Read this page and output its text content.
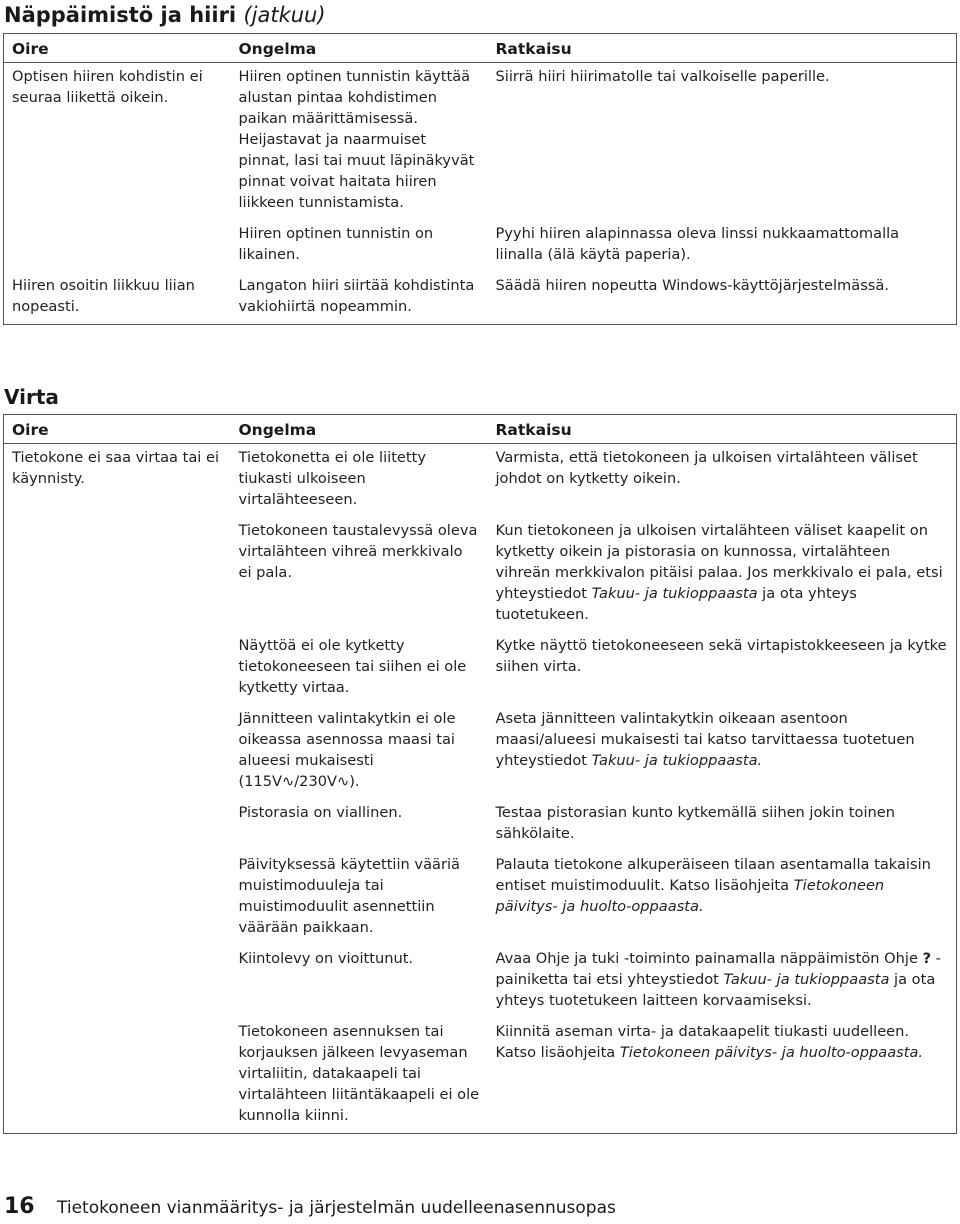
Näppäimistö ja hiiri (jatkuu)
Oire	Ongelma	Ratkaisu
Optisen hiiren kohdistin ei seuraa liikettä oikein.	Hiiren optinen tunnistin käyttää alustan pintaa kohdistimen paikan määrittämisessä. Heijastavat ja naarmuiset pinnat, lasi tai muut läpinäkyvät pinnat voivat haitata hiiren liikkeen tunnistamista.	Siirrä hiiri hiirimatolle tai valkoiselle paperille.
	Hiiren optinen tunnistin on likainen.	Pyyhi hiiren alapinnassa oleva linssi nukkaamattomalla liinalla (älä käytä paperia).
Hiiren osoitin liikkuu liian nopeasti.	Langaton hiiri siirtää kohdistinta vakiohiirtä nopeammin.	Säädä hiiren nopeutta Windows-käyttöjärjestelmässä.
Virta
Oire	Ongelma	Ratkaisu
Tietokone ei saa virtaa tai ei käynnisty.	Tietokonetta ei ole liitetty tiukasti ulkoiseen virtalähteeseen.	Varmista, että tietokoneen ja ulkoisen virtalähteen väliset johdot on kytketty oikein.
	Tietokoneen taustalevyssä oleva virtalähteen vihreä merkkivalo ei pala.	Kun tietokoneen ja ulkoisen virtalähteen väliset kaapelit on kytketty oikein ja pistorasia on kunnossa, virtalähteen vihreän merkkivalon pitäisi palaa. Jos merkkivalo ei pala, etsi yhteystiedot Takuu- ja tukioppaasta ja ota yhteys tuotetukeen.
	Näyttöä ei ole kytketty tietokoneeseen tai siihen ei ole kytketty virtaa.	Kytke näyttö tietokoneeseen sekä virtapistokkeeseen ja kytke siihen virta.
	Jännitteen valintakytkin ei ole oikeassa asennossa maasi tai alueesi mukaisesti (115V∿/230V∿).	Aseta jännitteen valintakytkin oikeaan asentoon maasi/alueesi mukaisesti tai katso tarvittaessa tuotetuen yhteystiedot Takuu- ja tukioppaasta.
	Pistorasia on viallinen.	Testaa pistorasian kunto kytkemällä siihen jokin toinen sähkölaite.
	Päivityksessä käytettiin vääriä muistimoduuleja tai muistimoduulit asennettiin väärään paikkaan.	Palauta tietokone alkuperäiseen tilaan asentamalla takaisin entiset muistimoduulit. Katso lisäohjeita Tietokoneen päivitys- ja huolto-oppaasta.
	Kiintolevy on vioittunut.	Avaa Ohje ja tuki -toiminto painamalla näppäimistön Ohje ? -painiketta tai etsi yhteystiedot Takuu- ja tukioppaasta ja ota yhteys tuotetukeen laitteen korvaamiseksi.
	Tietokoneen asennuksen tai korjauksen jälkeen levyaseman virtaliitin, datakaapeli tai virtalähteen liitäntäkaapeli ei ole kunnolla kiinni.	Kiinnitä aseman virta- ja datakaapelit tiukasti uudelleen. Katso lisäohjeita Tietokoneen päivitys- ja huolto-oppaasta.
16 Tietokoneen vianmääritys- ja järjestelmän uudelleenasennusopas
